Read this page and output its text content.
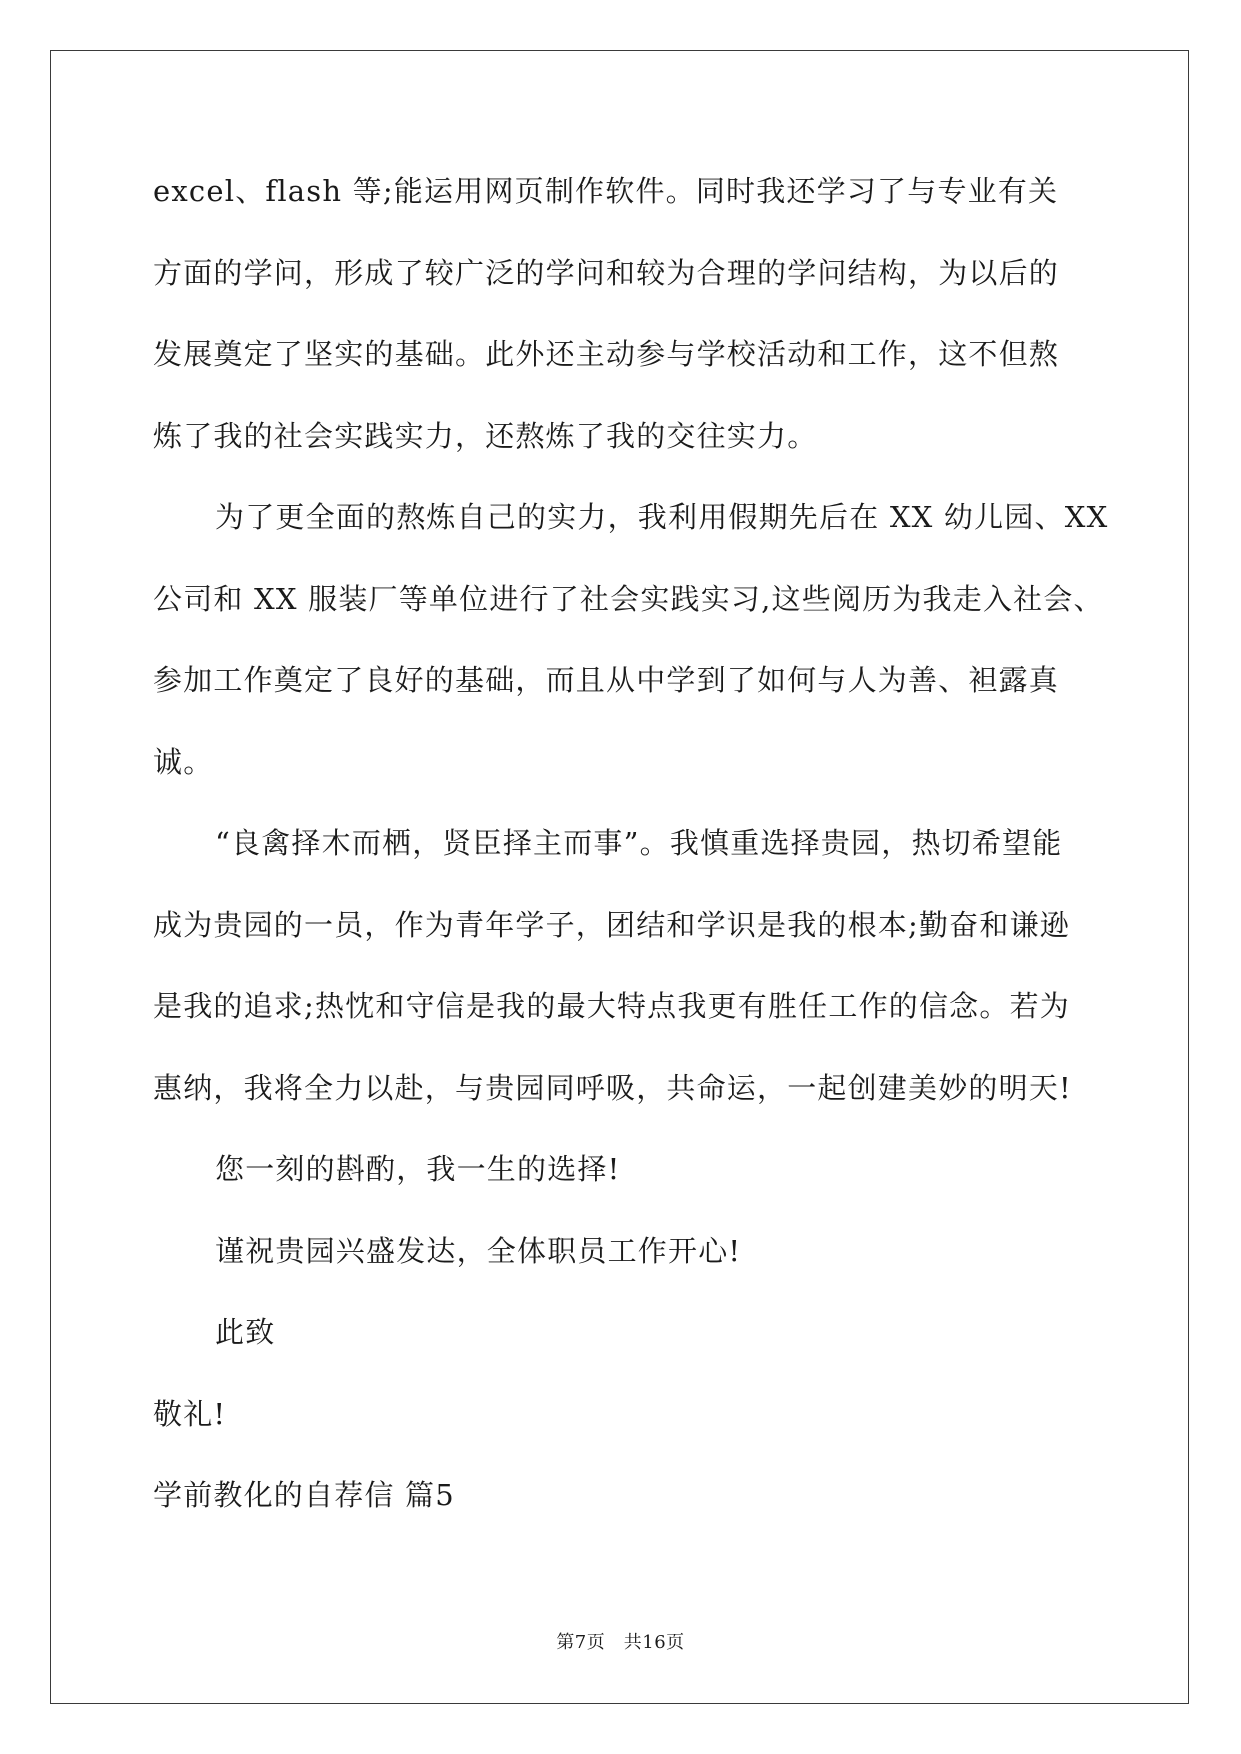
excel、flash 等;能运用网页制作软件。同时我还学习了与专业有关
方面的学问，形成了较广泛的学问和较为合理的学问结构，为以后的
发展奠定了坚实的基础。此外还主动参与学校活动和工作，这不但熬
炼了我的社会实践实力，还熬炼了我的交往实力。
为了更全面的熬炼自己的实力，我利用假期先后在 XX 幼儿园、XX
公司和 XX 服装厂等单位进行了社会实践实习,这些阅历为我走入社会、
参加工作奠定了良好的基础，而且从中学到了如何与人为善、袒露真
诚。
“良禽择木而栖，贤臣择主而事”。我慎重选择贵园，热切希望能
成为贵园的一员，作为青年学子，团结和学识是我的根本;勤奋和谦逊
是我的追求;热忱和守信是我的最大特点我更有胜任工作的信念。若为
惠纳，我将全力以赴，与贵园同呼吸，共命运，一起创建美妙的明天!
您一刻的斟酌，我一生的选择!
谨祝贵园兴盛发达，全体职员工作开心!
此致
敬礼!
学前教化的自荐信 篇5
第7页　共16页
